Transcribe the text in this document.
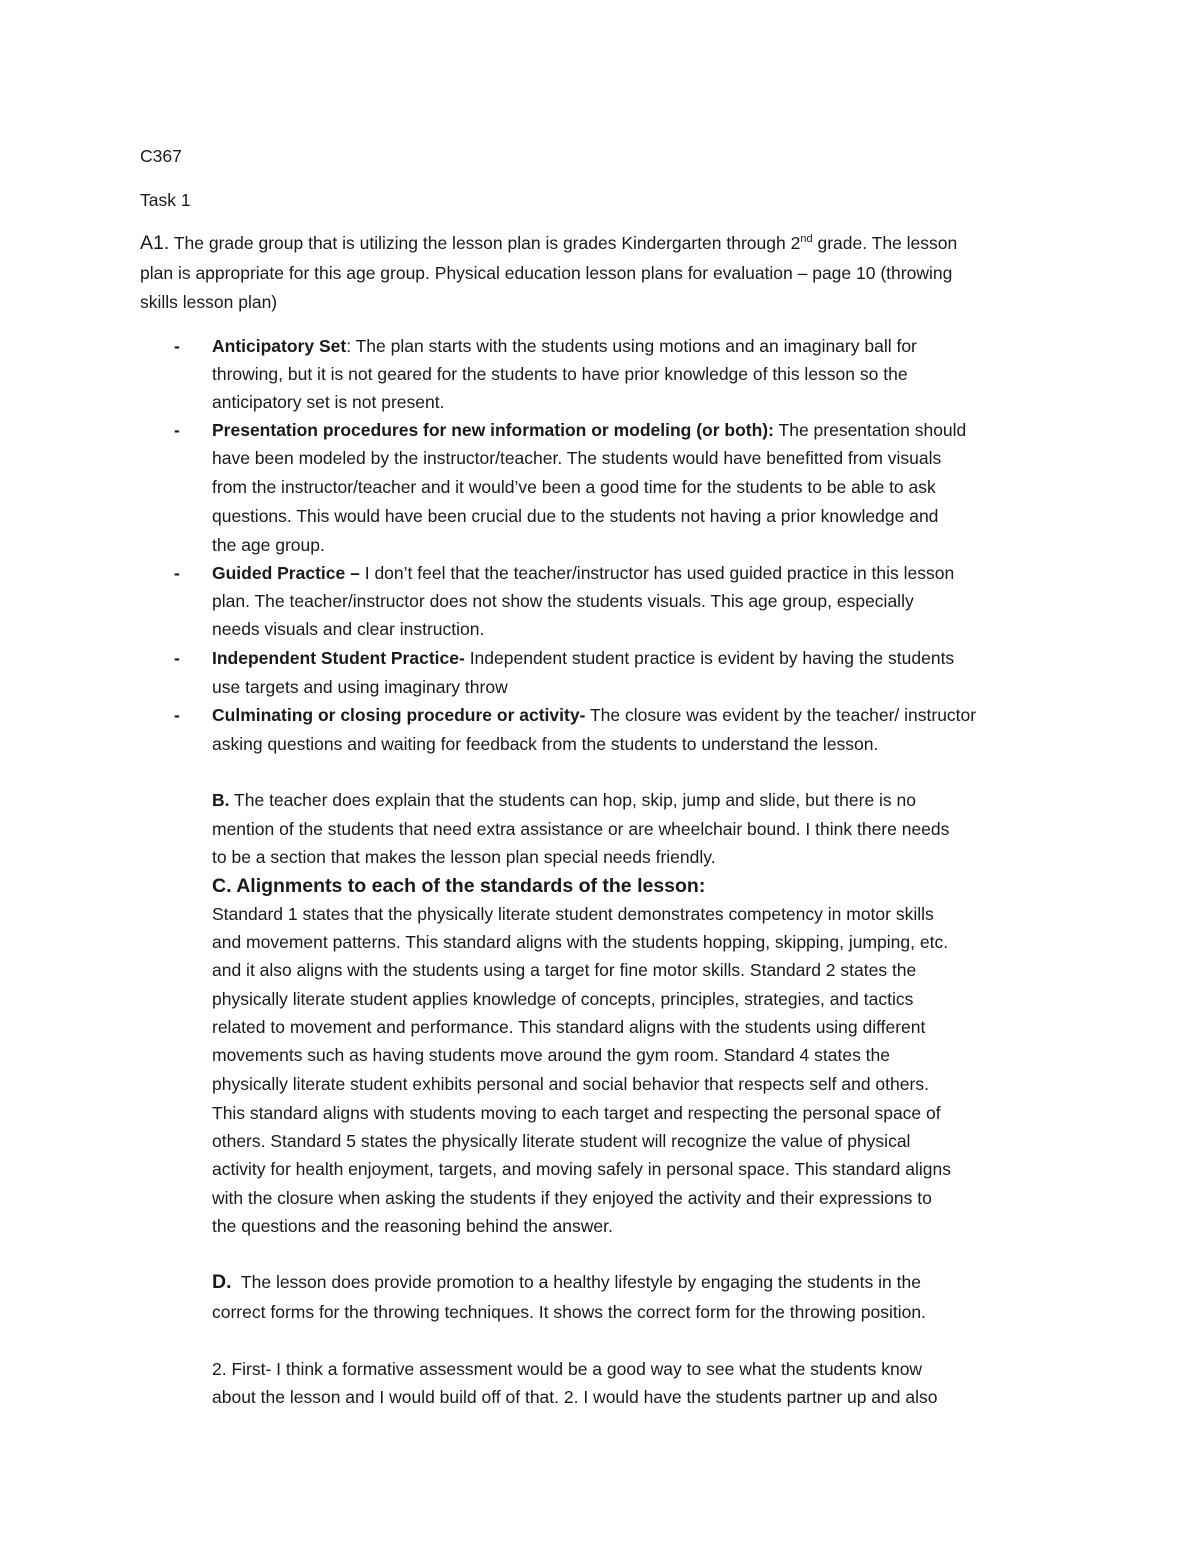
C367
Task 1
A1. The grade group that is utilizing the lesson plan is grades Kindergarten through 2nd grade. The lesson
plan is appropriate for this age group. Physical education lesson plans for evaluation – page 10 (throwing
skills lesson plan)
- Anticipatory Set: The plan starts with the students using motions and an imaginary ball for
throwing, but it is not geared for the students to have prior knowledge of this lesson so the
anticipatory set is not present.
- Presentation procedures for new information or modeling (or both): The presentation should
have been modeled by the instructor/teacher. The students would have benefitted from visuals
from the instructor/teacher and it would’ve been a good time for the students to be able to ask
questions. This would have been crucial due to the students not having a prior knowledge and
the age group.
- Guided Practice – I don’t feel that the teacher/instructor has used guided practice in this lesson
plan. The teacher/instructor does not show the students visuals. This age group, especially
needs visuals and clear instruction.
- Independent Student Practice- Independent student practice is evident by having the students
use targets and using imaginary throw
- Culminating or closing procedure or activity- The closure was evident by the teacher/ instructor
asking questions and waiting for feedback from the students to understand the lesson.
B. The teacher does explain that the students can hop, skip, jump and slide, but there is no
mention of the students that need extra assistance or are wheelchair bound. I think there needs
to be a section that makes the lesson plan special needs friendly.
C. Alignments to each of the standards of the lesson:
Standard 1 states that the physically literate student demonstrates competency in motor skills
and movement patterns. This standard aligns with the students hopping, skipping, jumping, etc.
and it also aligns with the students using a target for fine motor skills. Standard 2 states the
physically literate student applies knowledge of concepts, principles, strategies, and tactics
related to movement and performance. This standard aligns with the students using different
movements such as having students move around the gym room. Standard 4 states the
physically literate student exhibits personal and social behavior that respects self and others.
This standard aligns with students moving to each target and respecting the personal space of
others. Standard 5 states the physically literate student will recognize the value of physical
activity for health enjoyment, targets, and moving safely in personal space. This standard aligns
with the closure when asking the students if they enjoyed the activity and their expressions to
the questions and the reasoning behind the answer.
D. The lesson does provide promotion to a healthy lifestyle by engaging the students in the
correct forms for the throwing techniques. It shows the correct form for the throwing position.
2. First- I think a formative assessment would be a good way to see what the students know
about the lesson and I would build off of that. 2. I would have the students partner up and also
